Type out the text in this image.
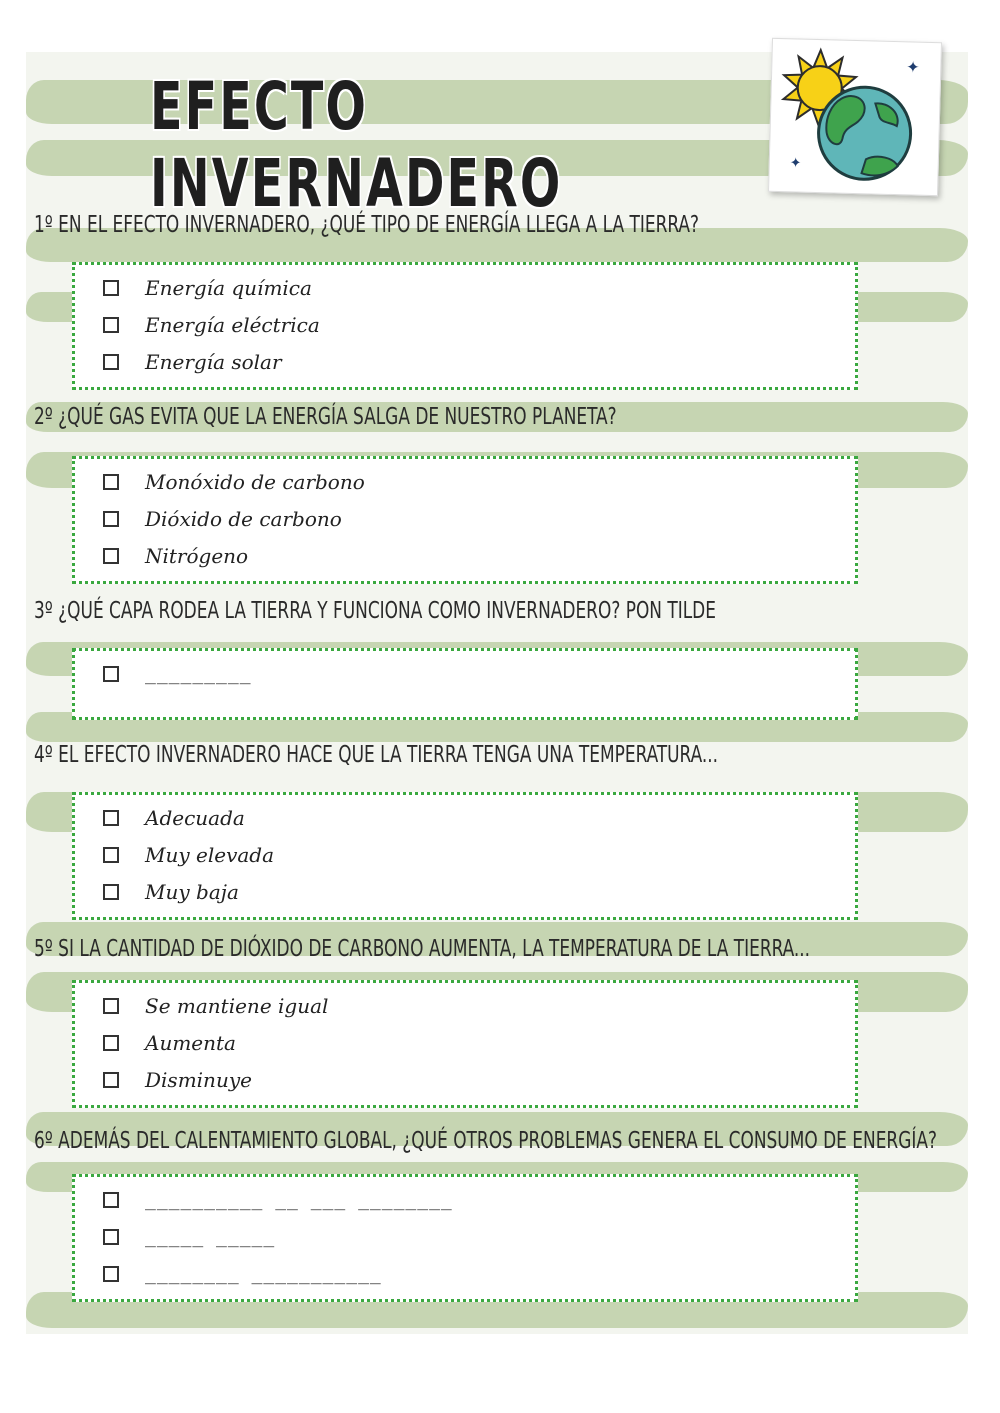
EFECTO INVERNADERO
✦
✦
1º EN EL EFECTO INVERNADERO, ¿QUÉ TIPO DE ENERGÍA LLEGA A LA TIERRA?
Energía química
Energía eléctrica
Energía solar
2º ¿QUÉ GAS EVITA QUE LA ENERGÍA SALGA DE NUESTRO PLANETA?
Monóxido de carbono
Dióxido de carbono
Nitrógeno
3º ¿QUÉ CAPA RODEA LA TIERRA Y FUNCIONA COMO INVERNADERO? PON TILDE
_________
4º EL EFECTO INVERNADERO HACE QUE LA TIERRA TENGA UNA TEMPERATURA...
Adecuada
Muy elevada
Muy baja
5º SI LA CANTIDAD DE DIÓXIDO DE CARBONO AUMENTA, LA TEMPERATURA DE LA TIERRA...
Se mantiene igual
Aumenta
Disminuye
6º ADEMÁS DEL CALENTAMIENTO GLOBAL, ¿QUÉ OTROS PROBLEMAS GENERA EL CONSUMO DE ENERGÍA?
__________ __ ___ ________
_____ _____
________ ___________
